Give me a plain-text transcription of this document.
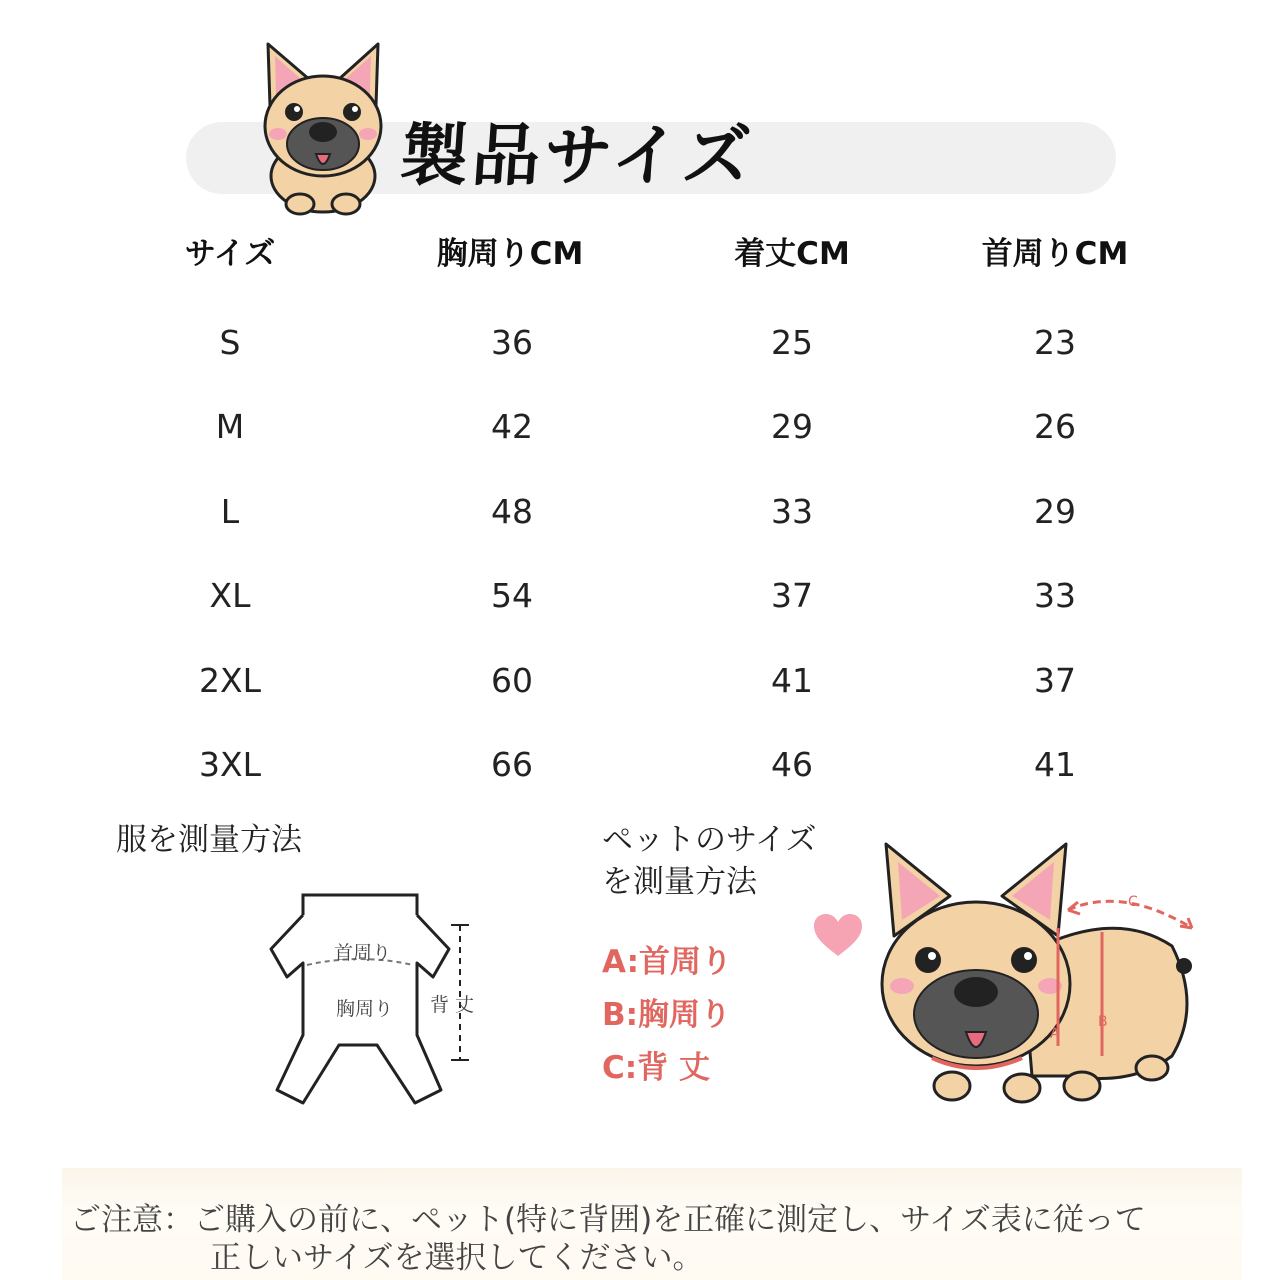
製品サイズ
サイズ	胸周りCM	着丈CM	首周りCM
S	36	25	23
M	42	29	26
L	48	33	29
XL	54	37	33
2XL	60	41	37
3XL	66	46	41
服を測量方法
首周り
胸周り	背 丈
ペットのサイズ
を測量方法
A:首周り
B:胸周り
C:背 丈
A
B
C
ご注意：ご購入の前に、ペット(特に背囲)を正確に測定し、サイズ表に従って
正しいサイズを選択してください。
